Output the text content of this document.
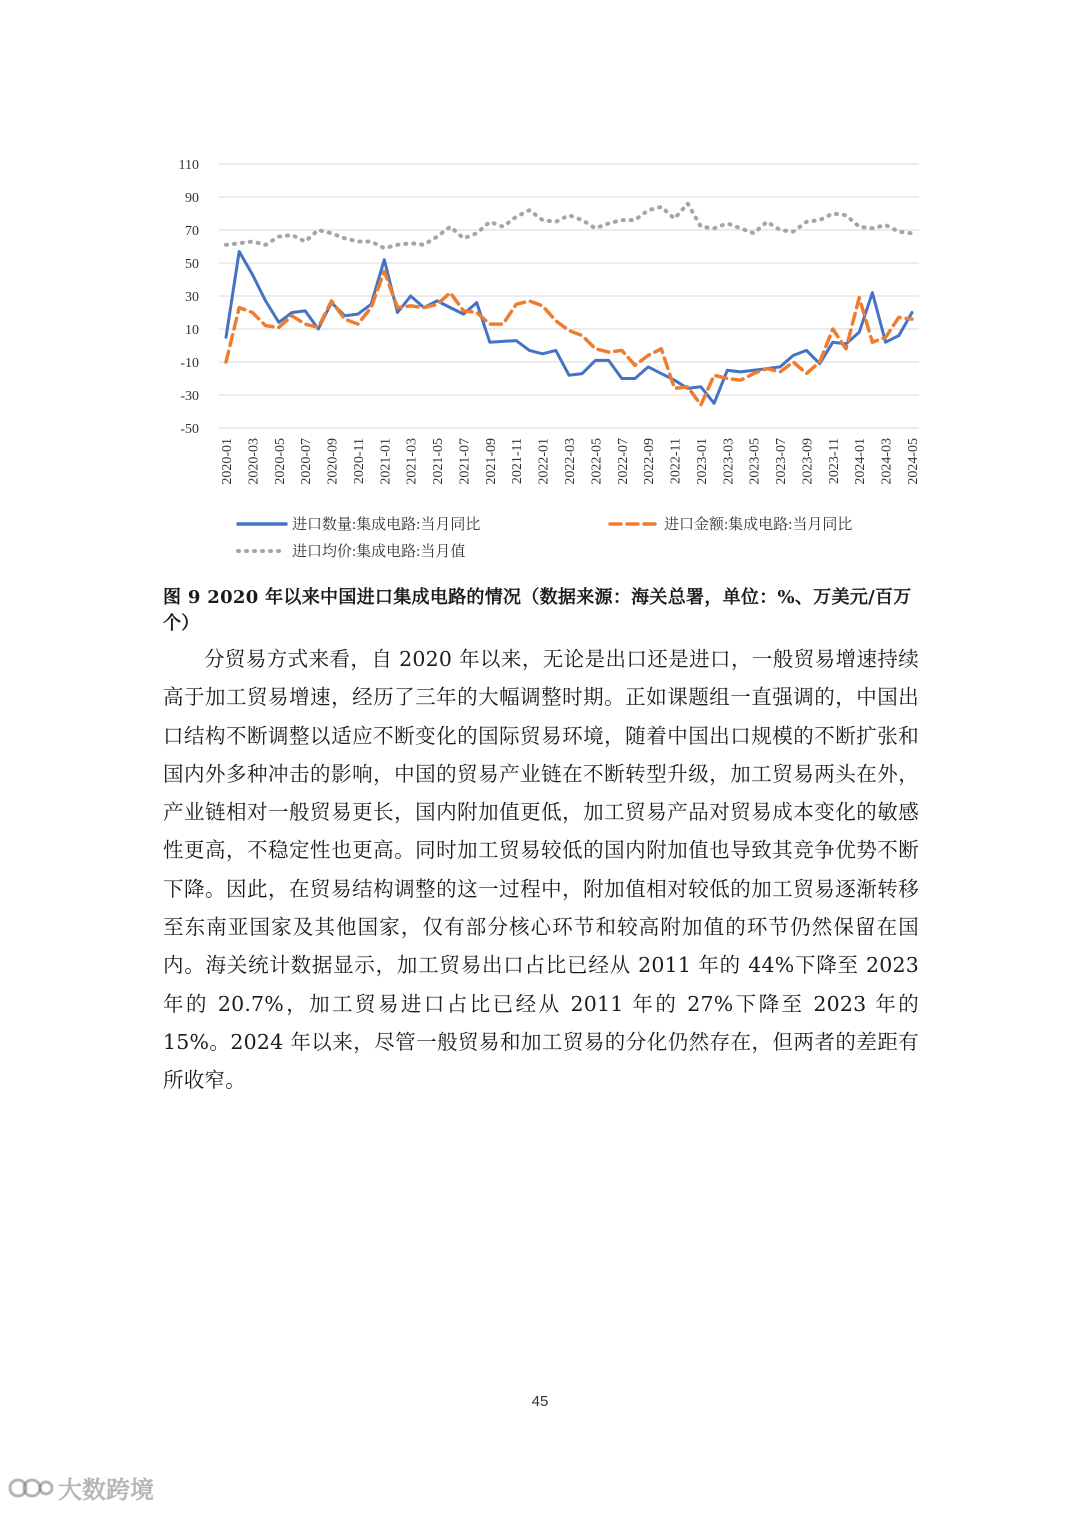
110
90
70
50
30
10
-10
-30
-50
2020-01 2020-03 2020-05 2020-07 2020-09 2020-11 2021-01 2021-03 2021-05 2021-07 2021-09 2021-11 2022-01 2022-03 2022-05 2022-07 2022-09 2022-11 2023-01 2023-03 2023-05 2023-07 2023-09 2023-11 2024-01 2024-03 2024-05
进口数量:集成电路:当月同比	进口金额:集成电路:当月同比
进口均价:集成电路:当月值
图 9 2020 年以来中国进口集成电路的情况（数据来源：海关总署，单位：%、万美元/百万个）

分贸易方式来看，自 2020 年以来，无论是出口还是进口，一般贸易增速持续高于加工贸易增速，经历了三年的大幅调整时期。正如课题组一直强调的，中国出口结构不断调整以适应不断变化的国际贸易环境，随着中国出口规模的不断扩张和国内外多种冲击的影响，中国的贸易产业链在不断转型升级，加工贸易两头在外，产业链相对一般贸易更长，国内附加值更低，加工贸易产品对贸易成本变化的敏感性更高，不稳定性也更高。同时加工贸易较低的国内附加值也导致其竞争优势不断下降。因此，在贸易结构调整的这一过程中，附加值相对较低的加工贸易逐渐转移至东南亚国家及其他国家，仅有部分核心环节和较高附加值的环节仍然保留在国内。海关统计数据显示，加工贸易出口占比已经从 2011 年的 44%下降至 2023 年的 20.7%，加工贸易进口占比已经从 2011 年的 27%下降至 2023 年的 15%。2024 年以来，尽管一般贸易和加工贸易的分化仍然存在，但两者的差距有所收窄。

45
大数跨境
